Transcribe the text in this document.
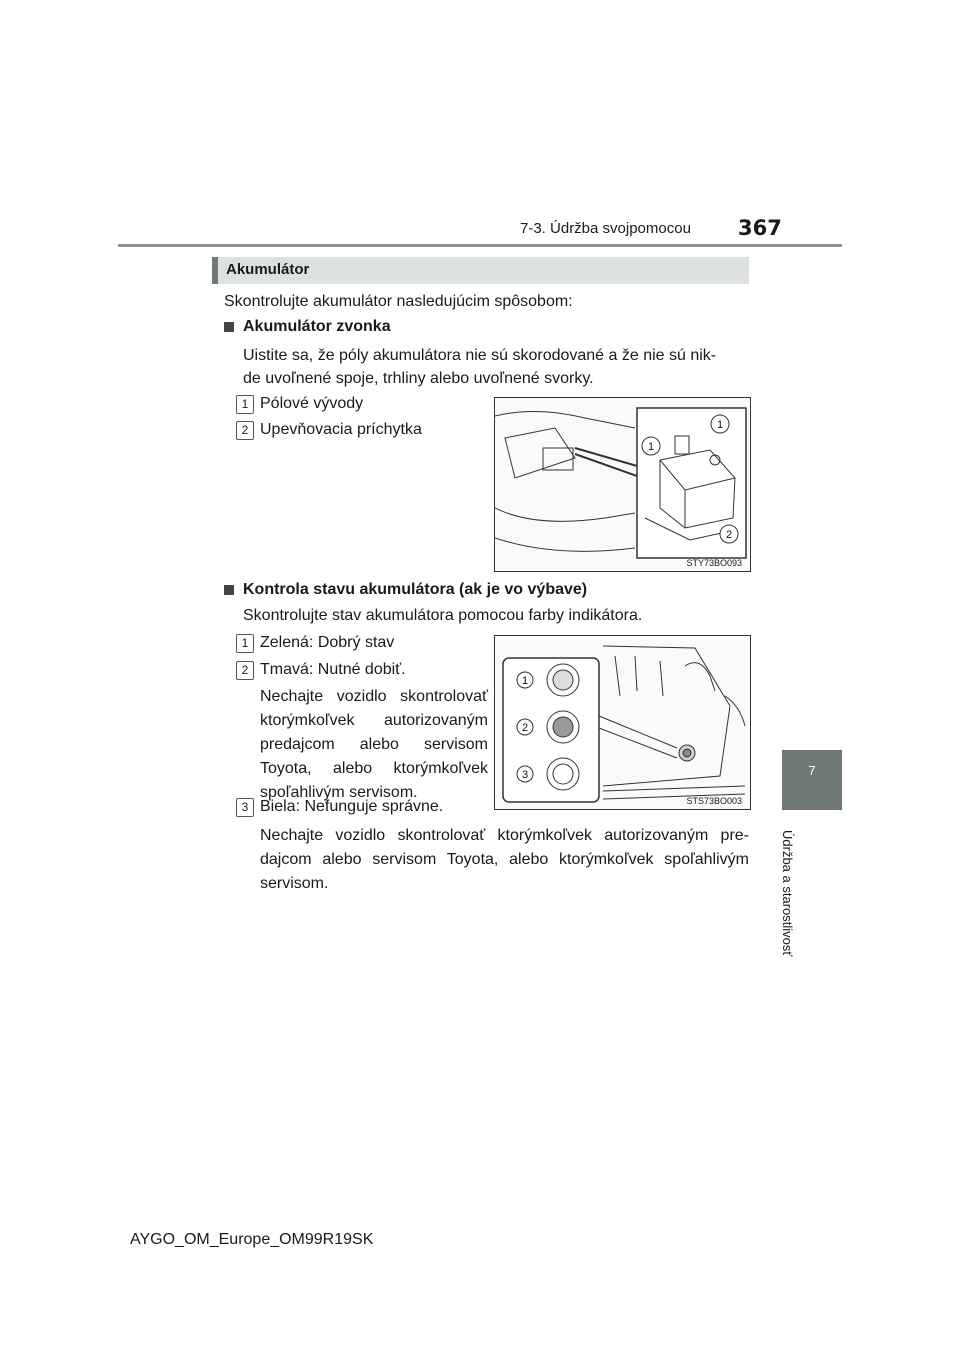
7-3. Údržba svojpomocou 367
7
Údržba a starostlivosť
Akumulátor
Skontrolujte akumulátor nasledujúcim spôsobom:
Akumulátor zvonka
Uistite sa, že póly akumulátora nie sú skorodované a že nie sú nik-
de uvoľnené spoje, trhliny alebo uvoľnené svorky.
1 Pólové vývody
2 Upevňovacia príchytka	1
1
2
STY73BO093
Kontrola stavu akumulátora (ak je vo výbave)
Skontrolujte stav akumulátora pomocou farby indikátora.
1 Zelená: Dobrý stav
2 Tmavá: Nutné dobiť.
Nechajte vozidlo skontrolovať
ktorýmkoľvek autorizovaným
predajcom alebo servisom
Toyota, alebo ktorýmkoľvek
spoľahlivým servisom.
3 Biela: Nefunguje správne.
Nechajte vozidlo skontrolovať ktorýmkoľvek autorizovaným pre-
dajcom alebo servisom Toyota, alebo ktorýmkoľvek spoľahlivým
servisom.
1
2
3
STS73BO003
AYGO_OM_Europe_OM99R19SK
